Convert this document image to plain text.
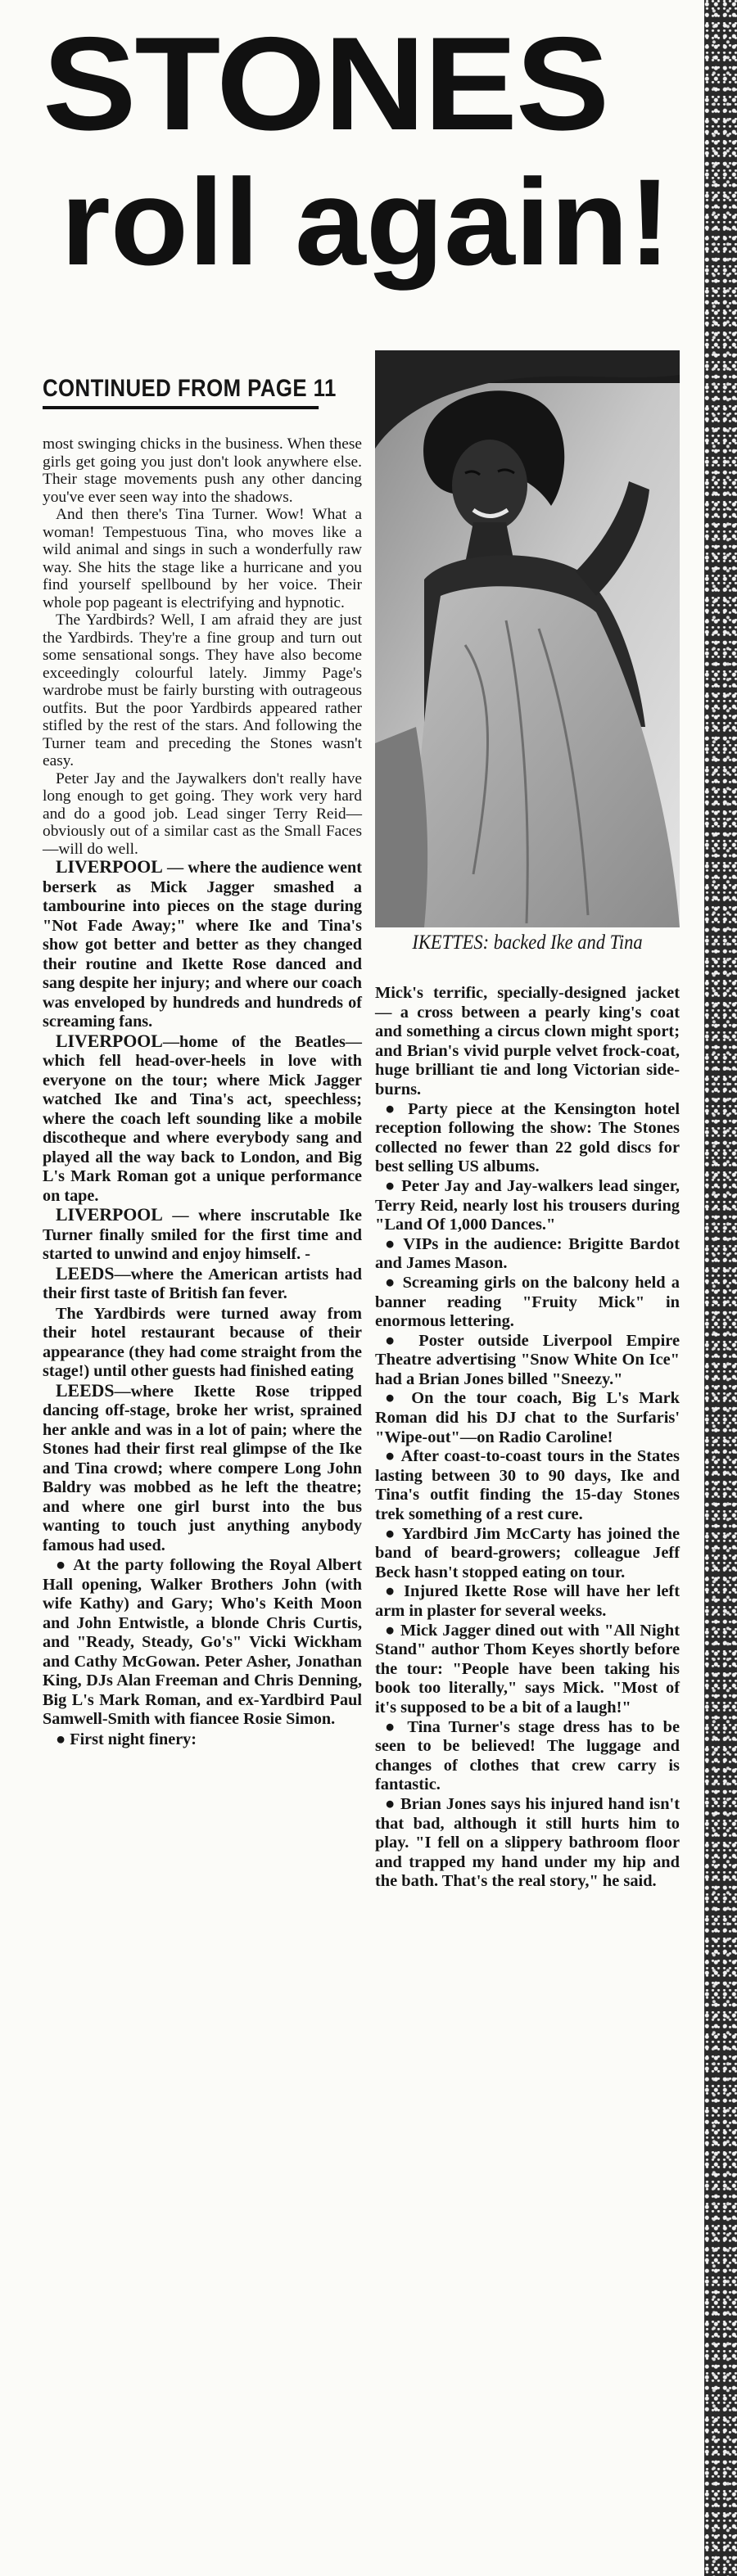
STONES
roll again!
CONTINUED FROM PAGE 11

most swinging chicks in the business. When these girls get going you just don't look anywhere else. Their stage movements push any other dancing you've ever seen way into the shadows.

And then there's Tina Turner. Wow! What a woman! Tempestuous Tina, who moves like a wild animal and sings in such a wonderfully raw way. She hits the stage like a hurricane and you find yourself spellbound by her voice. Their whole pop pageant is electrifying and hypnotic.

The Yardbirds? Well, I am afraid they are just the Yardbirds. They're a fine group and turn out some sensational songs. They have also become exceedingly colourful lately. Jimmy Page's wardrobe must be fairly bursting with outrageous outfits. But the poor Yardbirds appeared rather stifled by the rest of the stars. And following the Turner team and preceding the Stones wasn't easy.

Peter Jay and the Jaywalkers don't really have long enough to get going. They work very hard and do a good job. Lead singer Terry Reid—obviously out of a similar cast as the Small Faces—will do well.

LIVERPOOL — where the audience went berserk as Mick Jagger smashed a tambourine into pieces on the stage during "Not Fade Away;" where Ike and Tina's show got better and better as they changed their routine and Ikette Rose danced and sang despite her injury; and where our coach was enveloped by hundreds and hundreds of screaming fans.

LIVERPOOL—home of the Beatles—which fell head-over-heels in love with everyone on the tour; where Mick Jagger watched Ike and Tina's act, speechless; where the coach left sounding like a mobile discotheque and where everybody sang and played all the way back to London, and Big L's Mark Roman got a unique performance on tape.

LIVERPOOL — where inscrutable Ike Turner finally smiled for the first time and started to unwind and enjoy himself. -

LEEDS—where the American artists had their first taste of British fan fever.

The Yardbirds were turned away from their hotel restaurant because of their appearance (they had come straight from the stage!) until other guests had finished eating

LEEDS—where Ikette Rose tripped dancing off-stage, broke her wrist, sprained her ankle and was in a lot of pain; where the Stones had their first real glimpse of the Ike and Tina crowd; where compere Long John Baldry was mobbed as he left the theatre; and where one girl burst into the bus wanting to touch just anything anybody famous had used.

● At the party following the Royal Albert Hall opening, Walker Brothers John (with wife Kathy) and Gary; Who's Keith Moon and John Entwistle, a blonde Chris Curtis, and "Ready, Steady, Go's" Vicki Wickham and Cathy McGowan. Peter Asher, Jonathan King, DJs Alan Freeman and Chris Denning, Big L's Mark Roman, and ex-Yardbird Paul Samwell-Smith with fiancee Rosie Simon.

● First night finery:

IKETTES: backed Ike and Tina

Mick's terrific, specially-designed jacket — a cross between a pearly king's coat and something a circus clown might sport; and Brian's vivid purple velvet frock-coat, huge brilliant tie and long Victorian side-burns.

● Party piece at the Kensington hotel reception following the show: The Stones collected no fewer than 22 gold discs for best selling US albums.

● Peter Jay and Jay-walkers lead singer, Terry Reid, nearly lost his trousers during "Land Of 1,000 Dances."

● VIPs in the audience: Brigitte Bardot and James Mason.

● Screaming girls on the balcony held a banner reading "Fruity Mick" in enormous lettering.

● Poster outside Liverpool Empire Theatre advertising "Snow White On Ice" had a Brian Jones billed "Sneezy."

● On the tour coach, Big L's Mark Roman did his DJ chat to the Surfaris' "Wipe-out"—on Radio Caroline!

● After coast-to-coast tours in the States lasting between 30 to 90 days, Ike and Tina's outfit finding the 15-day Stones trek something of a rest cure.

● Yardbird Jim McCarty has joined the band of beard-growers; colleague Jeff Beck hasn't stopped eating on tour.

● Injured Ikette Rose will have her left arm in plaster for several weeks.

● Mick Jagger dined out with "All Night Stand" author Thom Keyes shortly before the tour: "People have been taking his book too literally," says Mick. "Most of it's supposed to be a bit of a laugh!"

● Tina Turner's stage dress has to be seen to be believed! The luggage and changes of clothes that crew carry is fantastic.

● Brian Jones says his injured hand isn't that bad, although it still hurts him to play. "I fell on a slippery bathroom floor and trapped my hand under my hip and the bath. That's the real story," he said.
